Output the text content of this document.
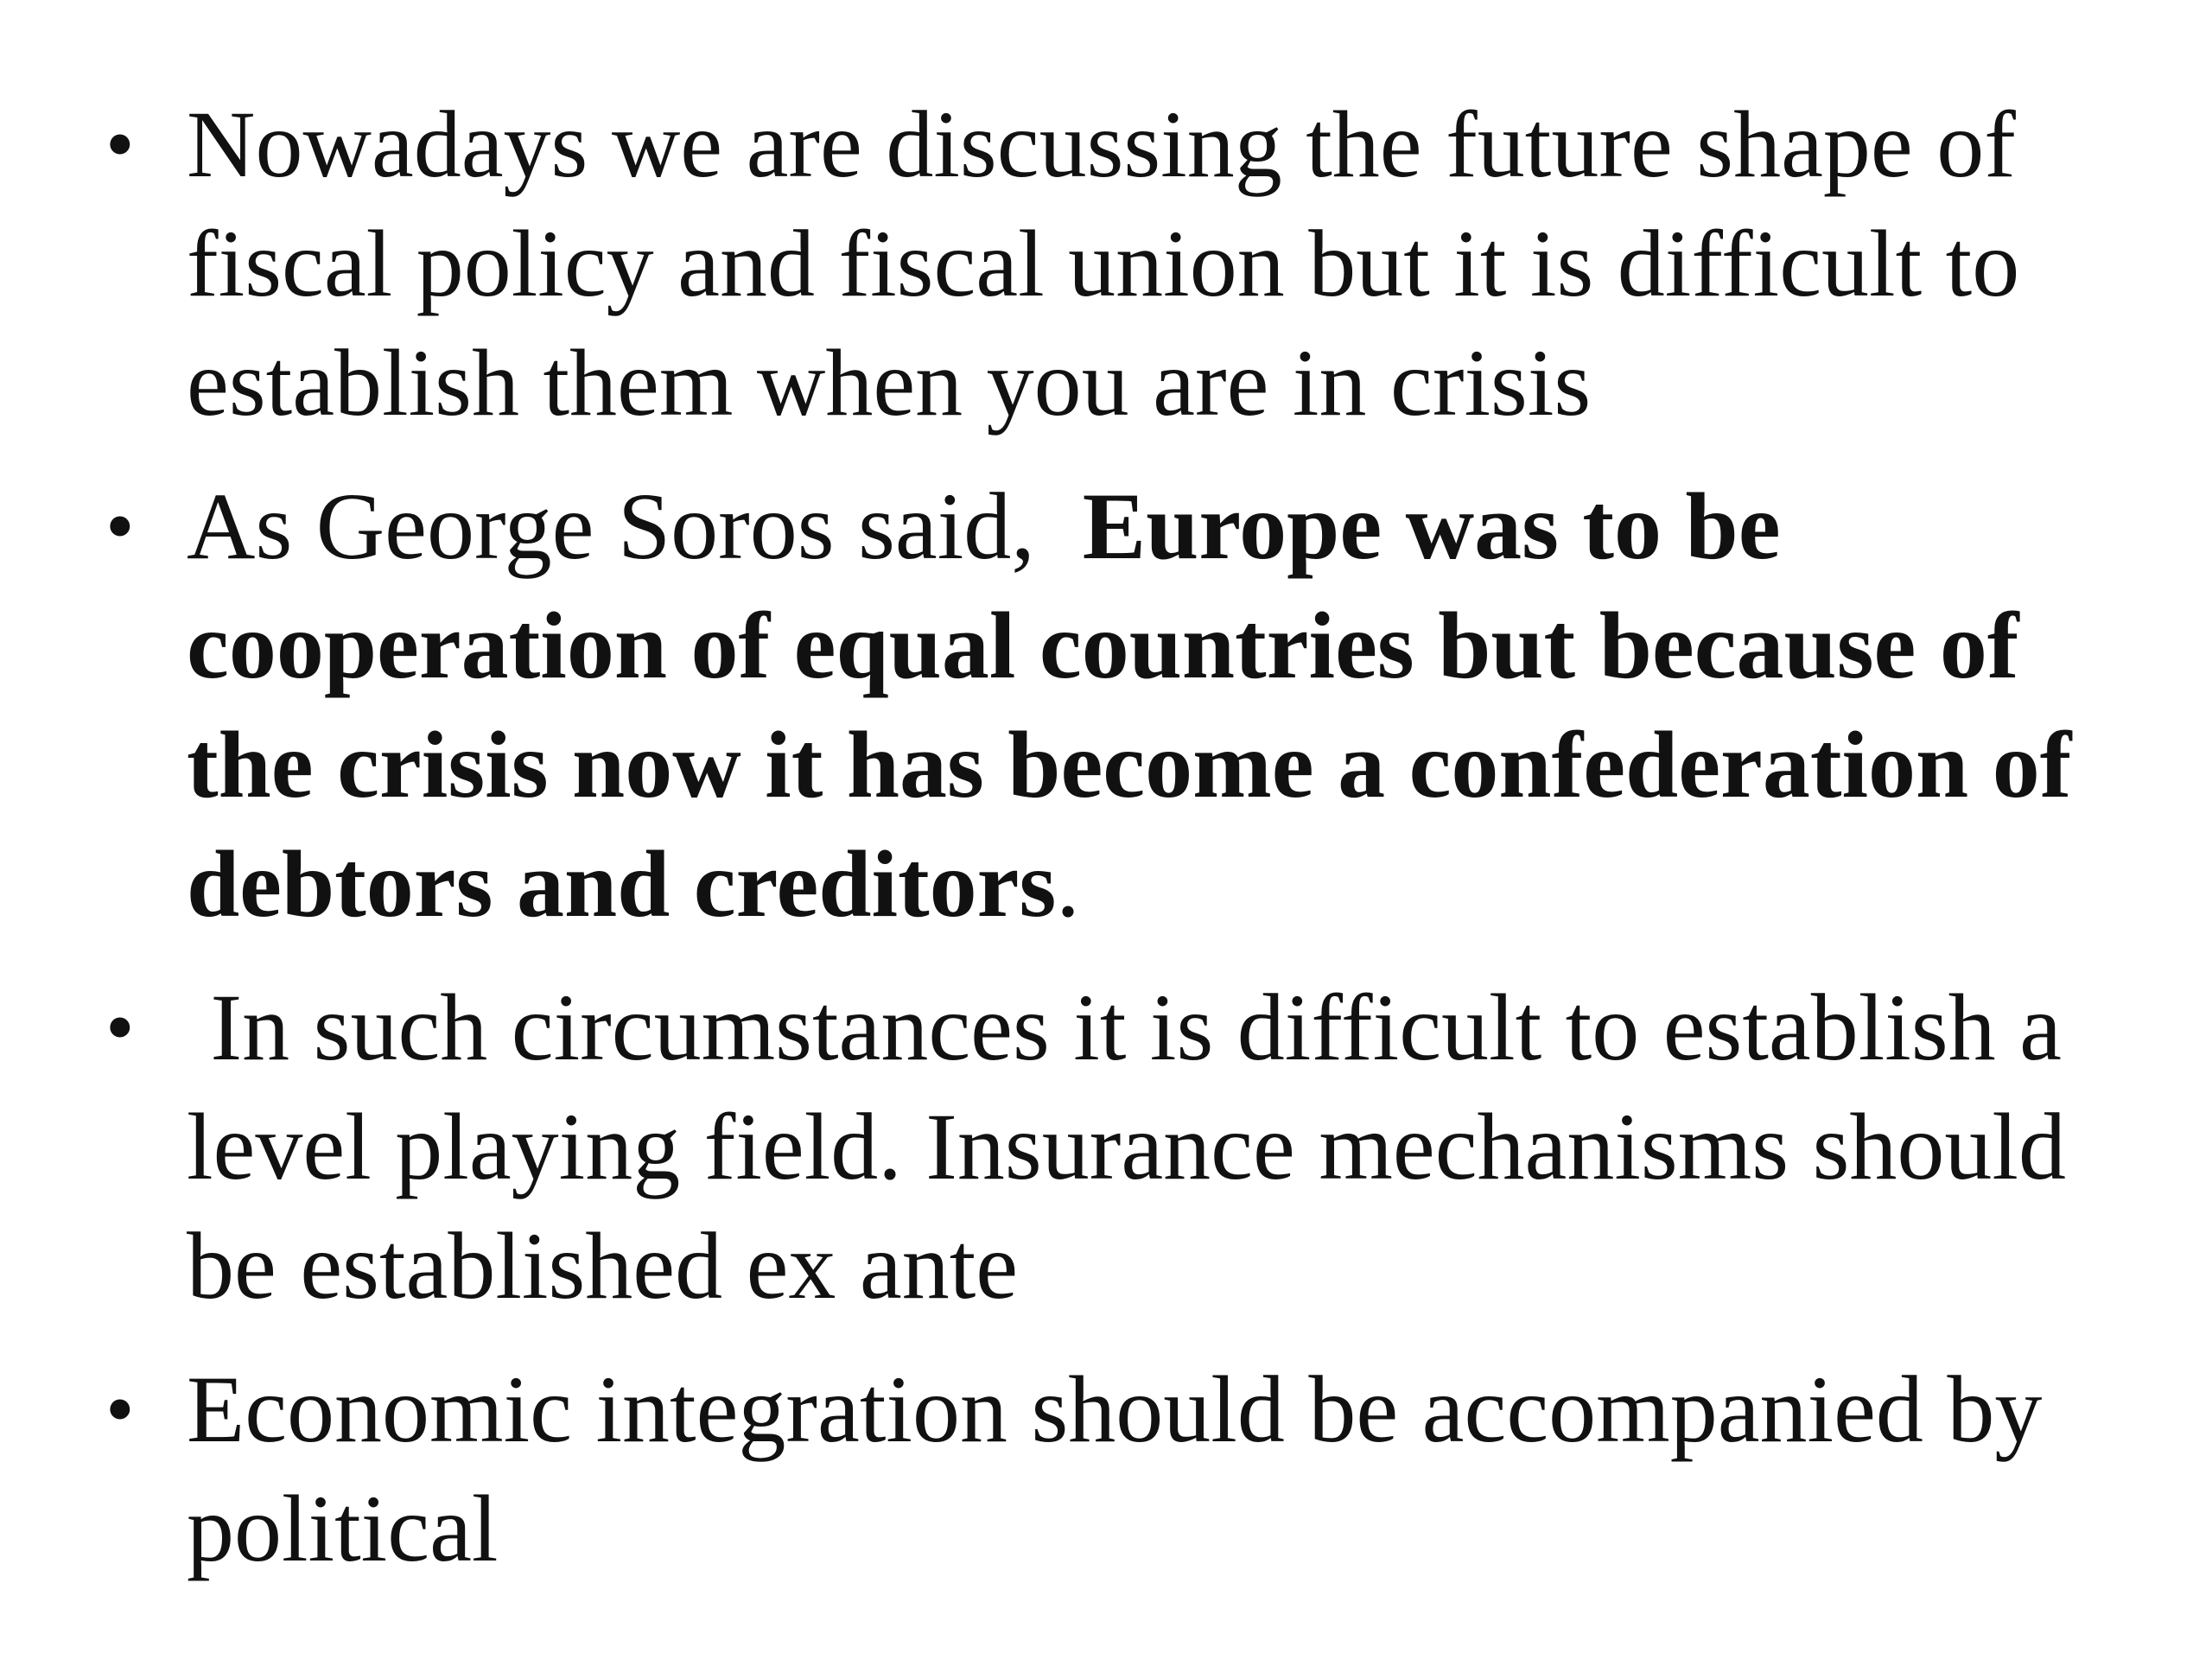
• Nowadays we are discussing the future shape of fiscal policy and fiscal union but it is difficult to establish them when you are in crisis
• As George Soros said,  Europe was to be cooperation of equal countries but because of the crisis now it has become a confederation of debtors and creditors.
• In such circumstances it is difficult to establish a level playing field. Insurance mechanisms should be established ex ante
• Economic integration should be accompanied by political
